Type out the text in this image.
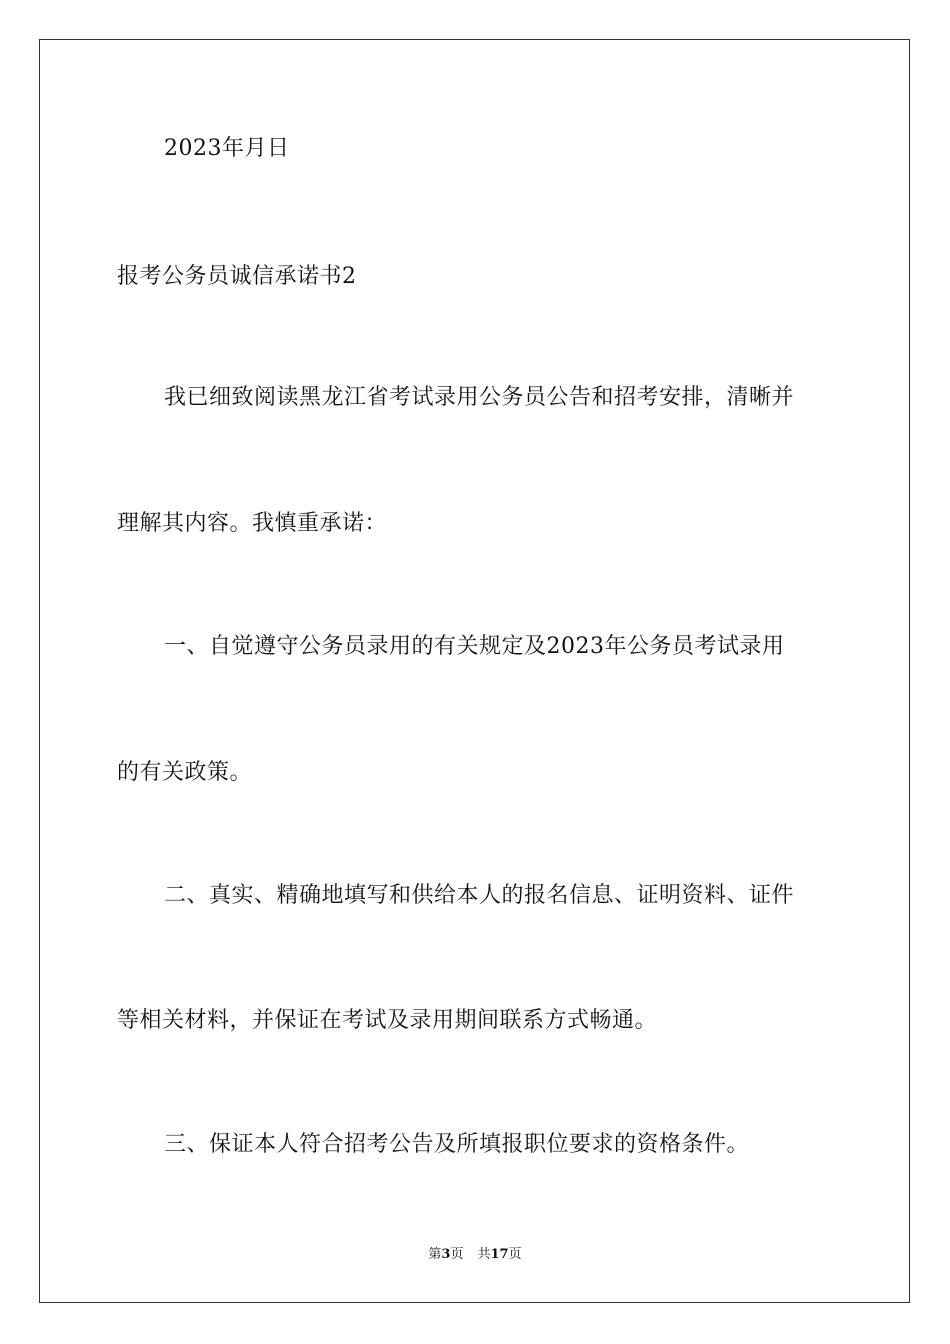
2023年月日
报考公务员诚信承诺书2
我已细致阅读黑龙江省考试录用公务员公告和招考安排，清晰并
理解其内容。我慎重承诺：
一、自觉遵守公务员录用的有关规定及2023年公务员考试录用
的有关政策。
二、真实、精确地填写和供给本人的报名信息、证明资料、证件
等相关材料，并保证在考试及录用期间联系方式畅通。
三、保证本人符合招考公告及所填报职位要求的资格条件。
第3页 共17页
